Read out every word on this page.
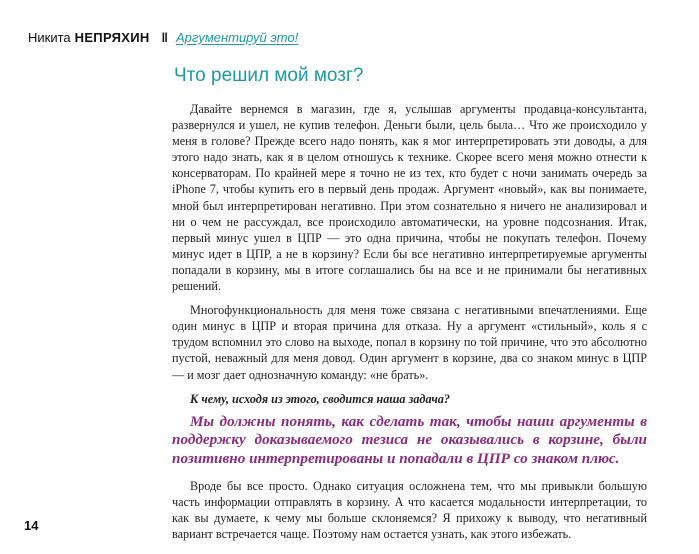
Никита НЕПРЯХИН ‖ Аргументируй это!
Что решил мой мозг?

Давайте вернемся в магазин, где я, услышав аргументы продавца-консультанта, развернулся и ушел, не купив телефон. Деньги были, цель была… Что же происходило у меня в голове? Прежде всего надо понять, как я мог интерпретировать эти доводы, а для этого надо знать, как я в целом отношусь к технике. Скорее всего меня можно отнести к консерваторам. По крайней мере я точно не из тех, кто будет с ночи занимать очередь за iPhone 7, чтобы купить его в первый день продаж. Аргумент «новый», как вы понимаете, мной был интерпретирован негативно. При этом сознательно я ничего не анализировал и ни о чем не рассуждал, все происходило автоматически, на уровне подсознания. Итак, первый минус ушел в ЦПР — это одна причина, чтобы не покупать телефон. Почему минус идет в ЦПР, а не в корзину? Если бы все негативно интерпретируемые аргументы попадали в корзину, мы в итоге соглашались бы на все и не принимали бы негативных решений.

Многофункциональность для меня тоже связана с негативными впечатлениями. Еще один минус в ЦПР и вторая причина для отказа. Ну а аргумент «стильный», коль я с трудом вспомнил это слово на выходе, попал в корзину по той причине, что это абсолютно пустой, неважный для меня довод. Один аргумент в корзине, два со знаком минус в ЦПР — и мозг дает однозначную команду: «не брать».

К чему, исходя из этого, сводится наша задача?

Мы должны понять, как сделать так, чтобы наши аргументы в поддержку доказываемого тезиса не оказывались в корзине, были позитивно интерпретированы и попадали в ЦПР со знаком плюс.

Вроде бы все просто. Однако ситуация осложнена тем, что мы привыкли большую часть информации отправлять в корзину. А что касается модальности интерпретации, то как вы думаете, к чему мы больше склоняемся? Я прихожу к выводу, что негативный вариант встречается чаще. Поэтому нам остается узнать, как этого избежать.

14
